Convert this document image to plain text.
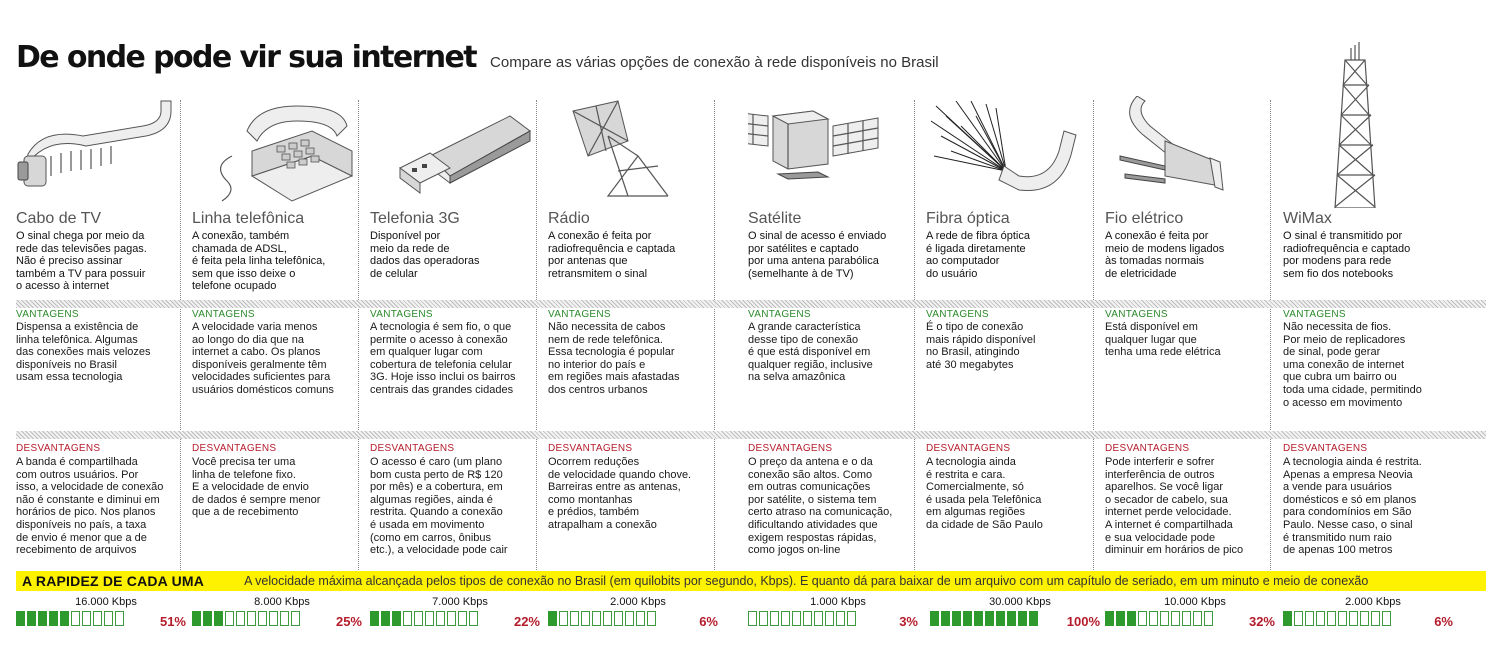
De onde pode vir sua internet Compare as várias opções de conexão à rede disponíveis no Brasil
Cabo de TV
O sinal chega por meio da
rede das televisões pagas.
Não é preciso assinar
também a TV para possuir
o acesso à internet
VANTAGENS
Dispensa a existência de
linha telefônica. Algumas
das conexões mais velozes
disponíveis no Brasil
usam essa tecnologia
DESVANTAGENS
A banda é compartilhada
com outros usuários. Por
isso, a velocidade de conexão
não é constante e diminui em
horários de pico. Nos planos
disponíveis no país, a taxa
de envio é menor que a de
recebimento de arquivos
Linha telefônica
A conexão, também
chamada de ADSL,
é feita pela linha telefônica,
sem que isso deixe o
telefone ocupado
VANTAGENS
A velocidade varia menos
ao longo do dia que na
internet a cabo. Os planos
disponíveis geralmente têm
velocidades suficientes para
usuários domésticos comuns
DESVANTAGENS
Você precisa ter uma
linha de telefone fixo.
E a velocidade de envio
de dados é sempre menor
que a de recebimento
Telefonia 3G
Disponível por
meio da rede de
dados das operadoras
de celular
VANTAGENS
A tecnologia é sem fio, o que
permite o acesso à conexão
em qualquer lugar com
cobertura de telefonia celular
3G. Hoje isso inclui os bairros
centrais das grandes cidades
DESVANTAGENS
O acesso é caro (um plano
bom custa perto de R$ 120
por mês) e a cobertura, em
algumas regiões, ainda é
restrita. Quando a conexão
é usada em movimento
(como em carros, ônibus
etc.), a velocidade pode cair
Rádio
A conexão é feita por
radiofrequência e captada
por antenas que
retransmitem o sinal
VANTAGENS
Não necessita de cabos
nem de rede telefônica.
Essa tecnologia é popular
no interior do país e
em regiões mais afastadas
dos centros urbanos
DESVANTAGENS
Ocorrem reduções
de velocidade quando chove.
Barreiras entre as antenas,
como montanhas
e prédios, também
atrapalham a conexão
Satélite
O sinal de acesso é enviado
por satélites e captado
por uma antena parabólica
(semelhante à de TV)
VANTAGENS
A grande característica
desse tipo de conexão
é que está disponível em
qualquer região, inclusive
na selva amazônica
DESVANTAGENS
O preço da antena e o da
conexão são altos. Como
em outras comunicações
por satélite, o sistema tem
certo atraso na comunicação,
dificultando atividades que
exigem respostas rápidas,
como jogos on-line
Fibra óptica
A rede de fibra óptica
é ligada diretamente
ao computador
do usuário
VANTAGENS
É o tipo de conexão
mais rápido disponível
no Brasil, atingindo
até 30 megabytes
DESVANTAGENS
A tecnologia ainda
é restrita e cara.
Comercialmente, só
é usada pela Telefônica
em algumas regiões
da cidade de São Paulo
Fio elétrico
A conexão é feita por
meio de modens ligados
às tomadas normais
de eletricidade
VANTAGENS
Está disponível em
qualquer lugar que
tenha uma rede elétrica
DESVANTAGENS
Pode interferir e sofrer
interferência de outros
aparelhos. Se você ligar
o secador de cabelo, sua
internet perde velocidade.
A internet é compartilhada
e sua velocidade pode
diminuir em horários de pico
WiMax
O sinal é transmitido por
radiofrequência e captado
por modens para rede
sem fio dos notebooks
VANTAGENS
Não necessita de fios.
Por meio de replicadores
de sinal, pode gerar
uma conexão de internet
que cubra um bairro ou
toda uma cidade, permitindo
o acesso em movimento
DESVANTAGENS
A tecnologia ainda é restrita.
Apenas a empresa Neovia
a vende para usuários
domésticos e só em planos
para condomínios em São
Paulo. Nesse caso, o sinal
é transmitido num raio
de apenas 100 metros
A RAPIDEZ DE CADA UMA	A velocidade máxima alcançada pelos tipos de conexão no Brasil (em quilobits por segundo, Kbps). E quanto dá para baixar de um arquivo com um capítulo de seriado, em um minuto e meio de conexão
16.000 Kbps
51%
8.000 Kbps
25%
7.000 Kbps
22%
2.000 Kbps
6%
1.000 Kbps
3%
30.000 Kbps
100%
10.000 Kbps
32%
2.000 Kbps
6%
